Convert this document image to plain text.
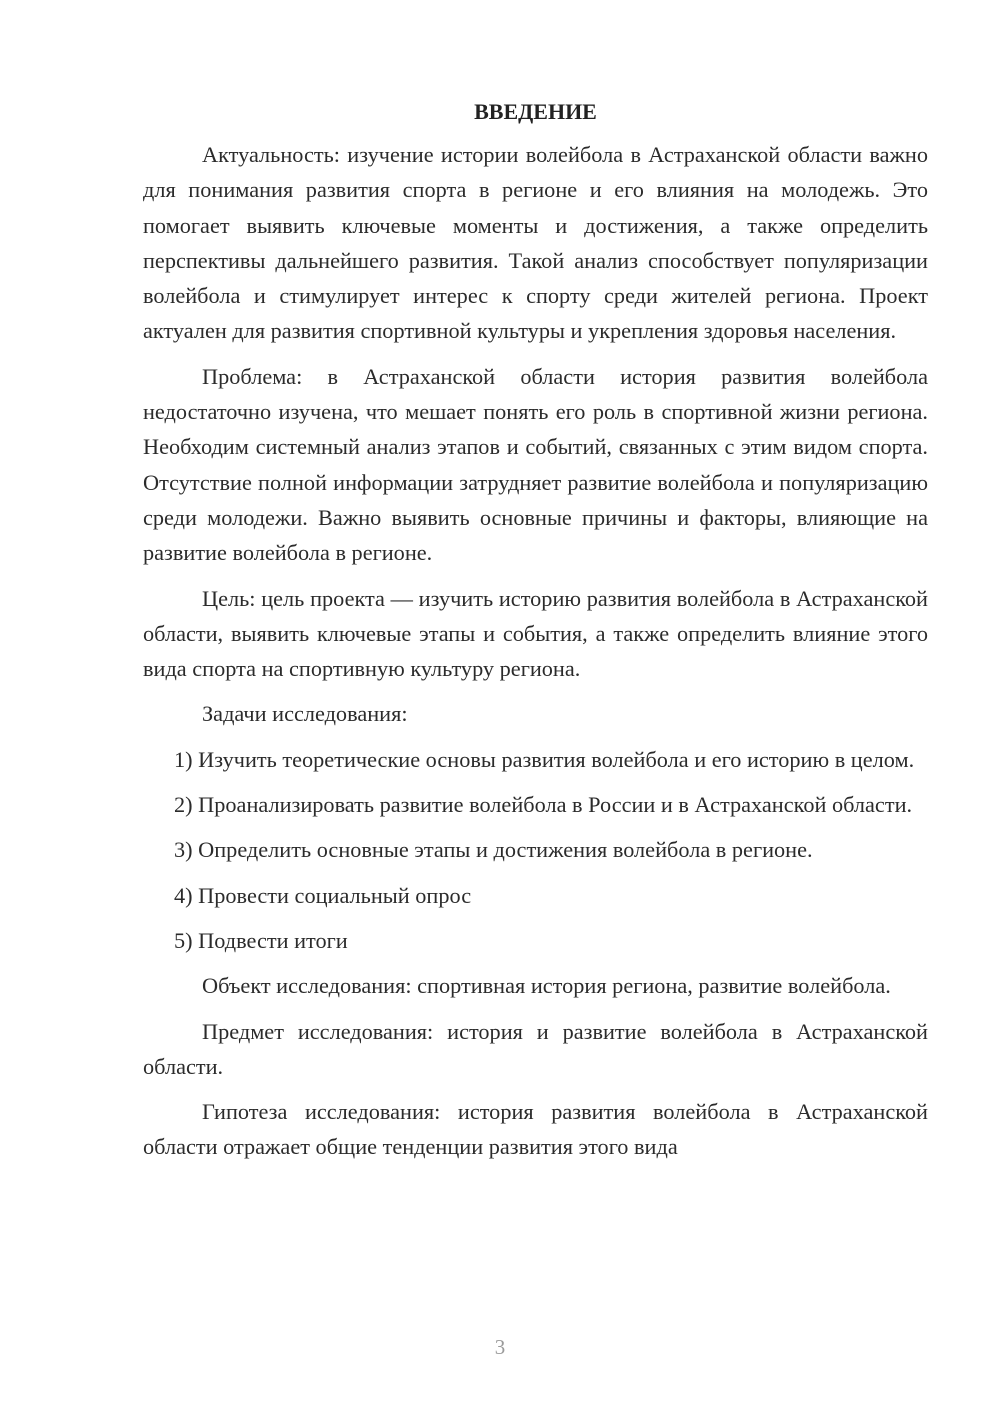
ВВЕДЕНИЕ

Актуальность: изучение истории волейбола в Астраханской области важно для понимания развития спорта в регионе и его влияния на молодежь. Это помогает выявить ключевые моменты и достижения, а также определить перспективы дальнейшего развития. Такой анализ способствует популяризации волейбола и стимулирует интерес к спорту среди жителей региона. Проект актуален для развития спортивной культуры и укрепления здоровья населения.

Проблема: в Астраханской области история развития волейбола недостаточно изучена, что мешает понять его роль в спортивной жизни региона. Необходим системный анализ этапов и событий, связанных с этим видом спорта. Отсутствие полной информации затрудняет развитие волейбола и популяризацию среди молодежи. Важно выявить основные причины и факторы, влияющие на развитие волейбола в регионе.

Цель: цель проекта — изучить историю развития волейбола в Астраханской области, выявить ключевые этапы и события, а также определить влияние этого вида спорта на спортивную культуру региона.

Задачи исследования:

1) Изучить теоретические основы развития волейбола и его историю в целом.

2) Проанализировать развитие волейбола в России и в Астраханской области.

3) Определить основные этапы и достижения волейбола в регионе.

4) Провести социальный опрос

5) Подвести итоги

Объект исследования: спортивная история региона, развитие волейбола.

Предмет исследования: история и развитие волейбола в Астраханской области.

Гипотеза исследования: история развития волейбола в Астраханской области отражает общие тенденции развития этого вида

3
